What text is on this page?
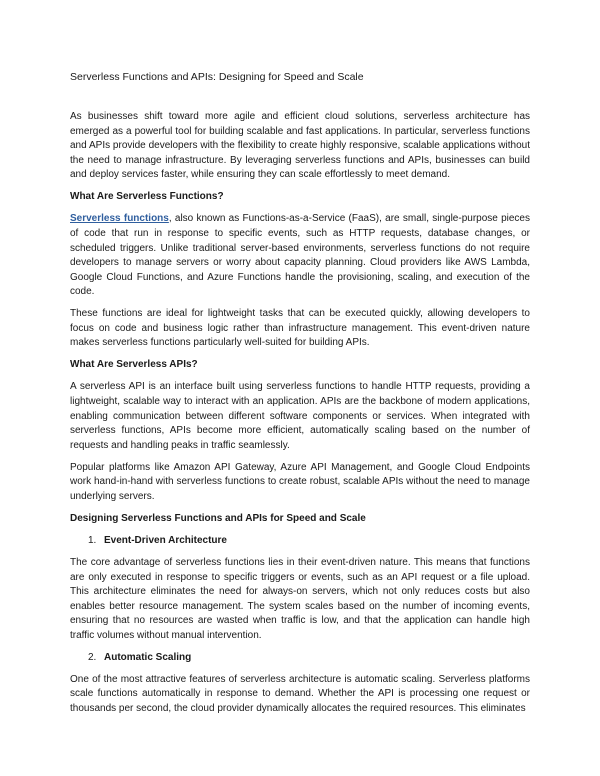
Serverless Functions and APIs: Designing for Speed and Scale

As businesses shift toward more agile and efficient cloud solutions, serverless architecture has emerged as a powerful tool for building scalable and fast applications. In particular, serverless functions and APIs provide developers with the flexibility to create highly responsive, scalable applications without the need to manage infrastructure. By leveraging serverless functions and APIs, businesses can build and deploy services faster, while ensuring they can scale effortlessly to meet demand.

What Are Serverless Functions?

Serverless functions, also known as Functions-as-a-Service (FaaS), are small, single-purpose pieces of code that run in response to specific events, such as HTTP requests, database changes, or scheduled triggers. Unlike traditional server-based environments, serverless functions do not require developers to manage servers or worry about capacity planning. Cloud providers like AWS Lambda, Google Cloud Functions, and Azure Functions handle the provisioning, scaling, and execution of the code.

These functions are ideal for lightweight tasks that can be executed quickly, allowing developers to focus on code and business logic rather than infrastructure management. This event-driven nature makes serverless functions particularly well-suited for building APIs.

What Are Serverless APIs?

A serverless API is an interface built using serverless functions to handle HTTP requests, providing a lightweight, scalable way to interact with an application. APIs are the backbone of modern applications, enabling communication between different software components or services. When integrated with serverless functions, APIs become more efficient, automatically scaling based on the number of requests and handling peaks in traffic seamlessly.

Popular platforms like Amazon API Gateway, Azure API Management, and Google Cloud Endpoints work hand-in-hand with serverless functions to create robust, scalable APIs without the need to manage underlying servers.

Designing Serverless Functions and APIs for Speed and Scale
1. Event-Driven Architecture

The core advantage of serverless functions lies in their event-driven nature. This means that functions are only executed in response to specific triggers or events, such as an API request or a file upload. This architecture eliminates the need for always-on servers, which not only reduces costs but also enables better resource management. The system scales based on the number of incoming events, ensuring that no resources are wasted when traffic is low, and that the application can handle high traffic volumes without manual intervention.

2. Automatic Scaling

One of the most attractive features of serverless architecture is automatic scaling. Serverless platforms scale functions automatically in response to demand. Whether the API is processing one request or thousands per second, the cloud provider dynamically allocates the required resources. This eliminates
